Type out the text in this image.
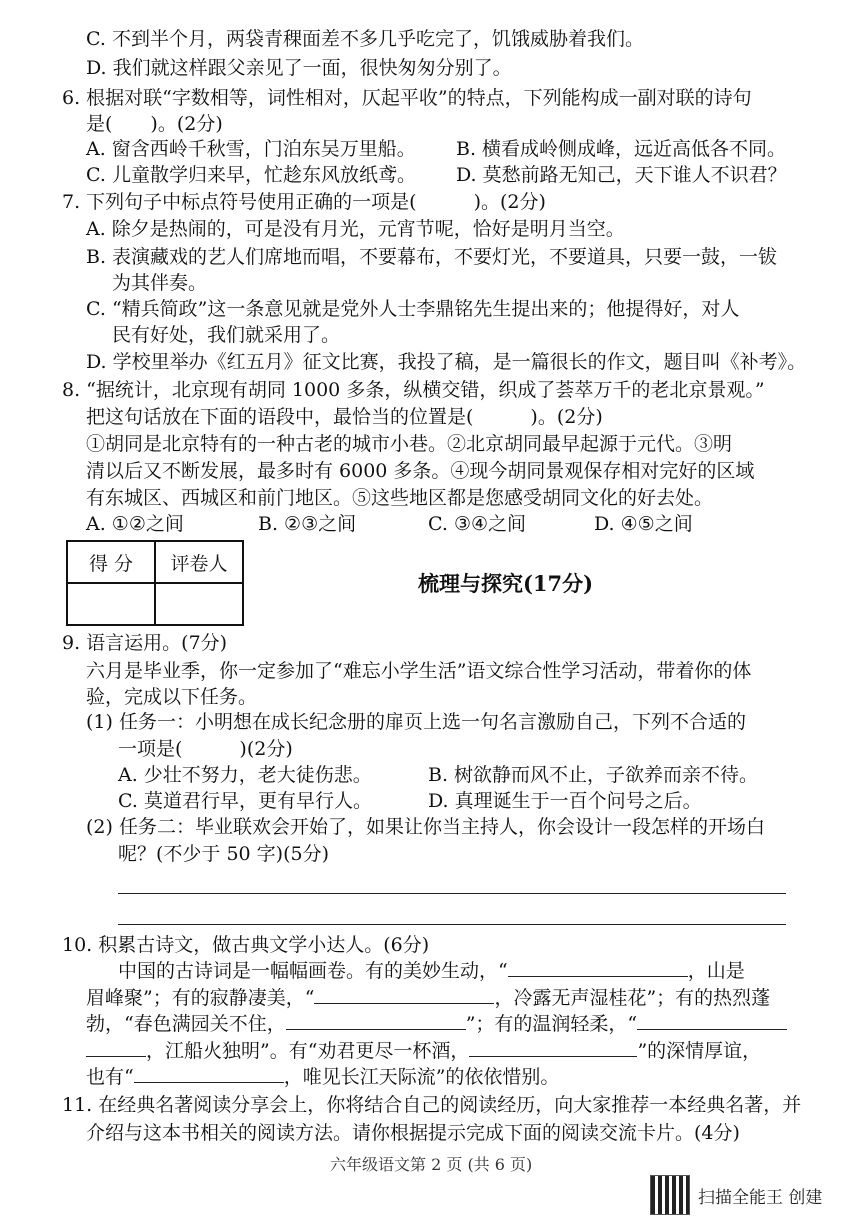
C. 不到半个月，两袋青稞面差不多几乎吃完了，饥饿威胁着我们。
D. 我们就这样跟父亲见了一面，很快匆匆分别了。
6. 根据对联“字数相等，词性相对，仄起平收”的特点，下列能构成一副对联的诗句
是(　　)。(2分)
A. 窗含西岭千秋雪，门泊东吴万里船。 B. 横看成岭侧成峰，远近高低各不同。
C. 儿童散学归来早，忙趁东风放纸鸢。 D. 莫愁前路无知己，天下谁人不识君？
7. 下列句子中标点符号使用正确的一项是(　　　)。(2分)
A. 除夕是热闹的，可是没有月光，元宵节呢，恰好是明月当空。
B. 表演藏戏的艺人们席地而唱，不要幕布，不要灯光，不要道具，只要一鼓，一钹
为其伴奏。
C. “精兵简政”这一条意见就是党外人士李鼎铭先生提出来的；他提得好，对人
民有好处，我们就采用了。
D. 学校里举办《红五月》征文比赛，我投了稿，是一篇很长的作文，题目叫《补考》。
8. “据统计，北京现有胡同 1000 多条，纵横交错，织成了荟萃万千的老北京景观。”
把这句话放在下面的语段中，最恰当的位置是(　　　)。(2分)
①胡同是北京特有的一种古老的城市小巷。②北京胡同最早起源于元代。③明
清以后又不断发展，最多时有 6000 多条。④现今胡同景观保存相对完好的区域
有东城区、西城区和前门地区。⑤这些地区都是您感受胡同文化的好去处。
A. ①②之间	B. ②③之间	C. ③④之间	D. ④⑤之间
得 分	评卷人

梳理与探究(17分)
9. 语言运用。(7分)
六月是毕业季，你一定参加了“难忘小学生活”语文综合性学习活动，带着你的体
验，完成以下任务。
(1) 任务一：小明想在成长纪念册的扉页上选一句名言激励自己，下列不合适的
一项是(　　　)(2分)
A. 少壮不努力，老大徒伤悲。	B. 树欲静而风不止，子欲养而亲不待。
C. 莫道君行早，更有早行人。	D. 真理诞生于一百个问号之后。
(2) 任务二：毕业联欢会开始了，如果让你当主持人，你会设计一段怎样的开场白
呢？(不少于 50 字)(5分)
10. 积累古诗文，做古典文学小达人。(6分)
中国的古诗词是一幅幅画卷。有的美妙生动，“	，山是
眉峰聚”；有的寂静凄美，“	，冷露无声湿桂花”；有的热烈蓬
勃，“春色满园关不住，	”；有的温润轻柔，“
，江船火独明”。有“劝君更尽一杯酒，	”的深情厚谊，
也有“	，唯见长江天际流”的依依惜别。
11. 在经典名著阅读分享会上，你将结合自己的阅读经历，向大家推荐一本经典名著，并
介绍与这本书相关的阅读方法。请你根据提示完成下面的阅读交流卡片。(4分)
六年级语文第 2 页 (共 6 页)
扫描全能王 创建
